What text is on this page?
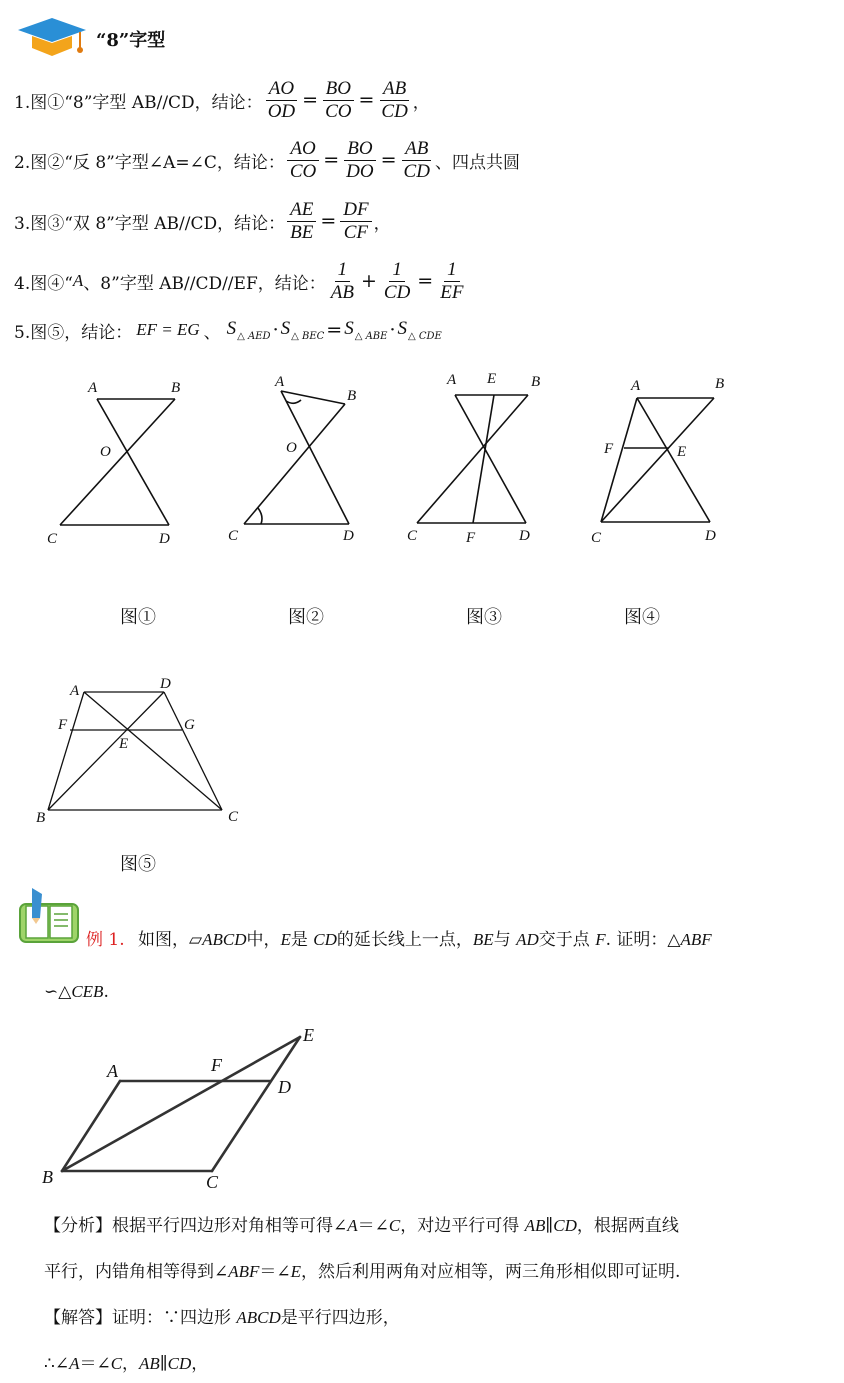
“8”字型
1.图①“8”字型 AB//CD，结论： $\frac{AO}{OD} = \frac{BO}{CO} = \frac{AB}{CD}$ ，
2.图②“反 8”字型∠A=∠C，结论： $\frac{AO}{CO} = \frac{BO}{DO} = \frac{AB}{CD}$ 、四点共圆
3.图③“双 8”字型 AB//CD，结论： $\frac{AE}{BE} = \frac{DF}{CF}$ ，
4.图④“ A 、8”字型 AB//CD//EF，结论： $\frac{1}{AB} + \frac{1}{CD} = \frac{1}{EF}$
5.图⑤，结论： EF = EG 、 $S_{\triangle AED} \cdot S_{\triangle BEC} = S_{\triangle ABE} \cdot S_{\triangle CDE}$
A	B
O
C	D
A
B
O
C	D
A E B
C	F	D
A	B
F	E
C	D
图①	图②	图③	图④
A	D
F	G
E
B	C
图⑤
例 1. 如图，▱ABCD中，E是 CD的延长线上一点，BE与 AD交于点 F. 证明：△ABF
∽△CEB.
A	F
E
D
B	C
【分析】根据平行四边形对角相等可得∠A＝∠C，对边平行可得 AB∥CD，根据两直线
平行，内错角相等得到∠ABF＝∠E，然后利用两角对应相等，两三角形相似即可证明.
【解答】证明：∵四边形 ABCD是平行四边形，
∴∠A＝∠C，AB∥CD，
